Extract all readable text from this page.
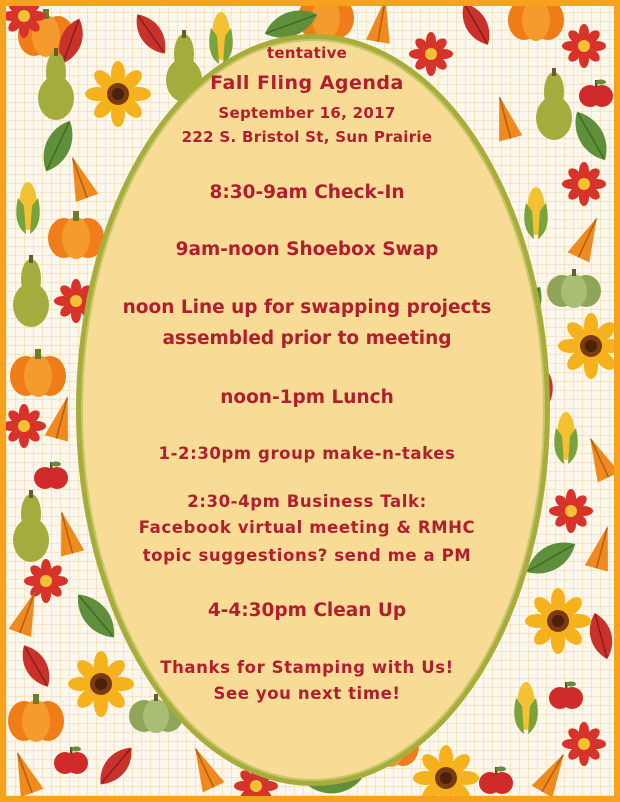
tentative
Fall Fling Agenda
September 16, 2017
222 S. Bristol St, Sun Prairie
8:30-9am Check-In
9am-noon Shoebox Swap
noon Line up for swapping projects
assembled prior to meeting
noon-1pm Lunch
1-2:30pm group make-n-takes
2:30-4pm Business Talk:
Facebook virtual meeting & RMHC
topic suggestions? send me a PM
4-4:30pm Clean Up
Thanks for Stamping with Us!
See you next time!
